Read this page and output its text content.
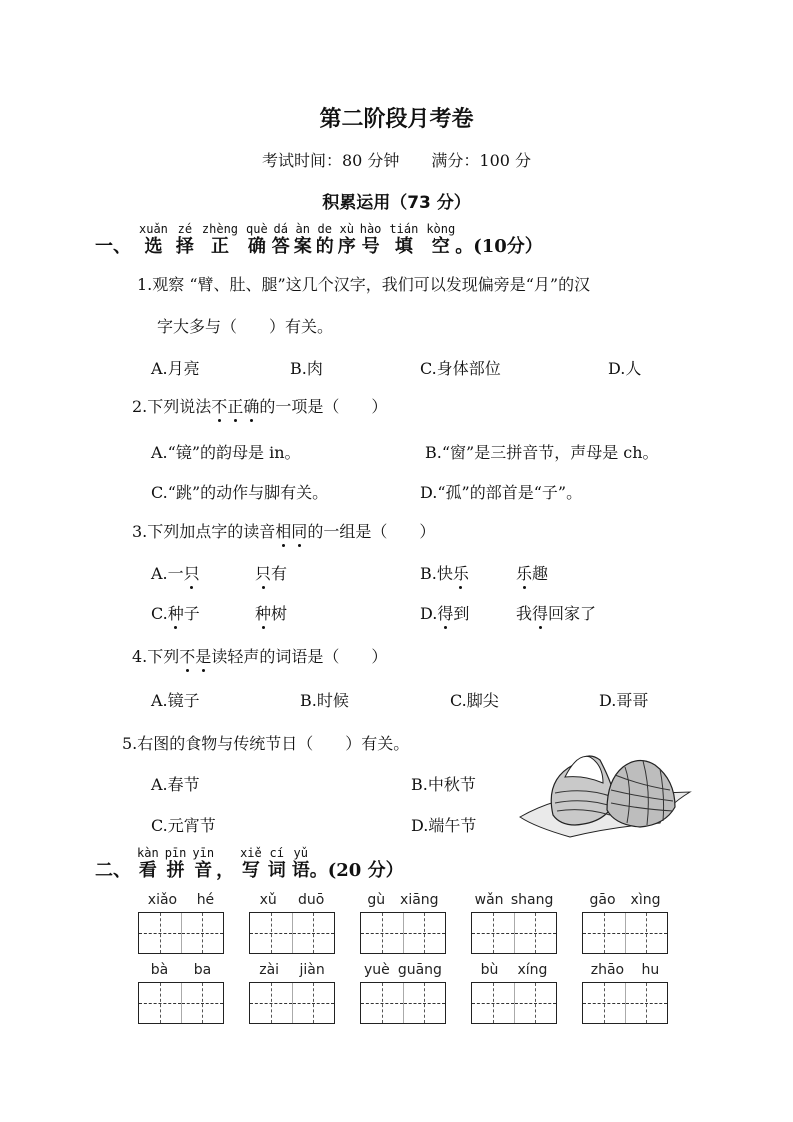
第二阶段月考卷
考试时间：80 分钟　　满分：100 分
积累运用（73 分）
一、
xuǎn
选
zé
择
zhèng
正
què
确
dá
答
àn
案
de
的
xù
序
hào
号
tián
填
kòng
空 。(10分）
1.观察 “臂、肚、腿”这几个汉字，我们可以发现偏旁是“月”的汉
字大多与（　　）有关。
A.月亮	B.肉	C.身体部位	D.人
2.下列说法不正确的一项是（　　）
A.“镜”的韵母是 in。	B.“窗”是三拼音节，声母是 ch。
C.“跳”的动作与脚有关。	D.“孤”的部首是“子”。
3.下列加点字的读音相同的一组是（　　）
A.一只	只有	B.快乐	乐趣
C.种子	种树	D.得到	我得回家了
4.下列不是读轻声的词语是（　　）
A.镜子	B.时候	C.脚尖	D.哥哥
5.右图的食物与传统节日（　　）有关。
A.春节	B.中秋节
C.元宵节	D.端午节
二、
kàn
看
pīn
拼
yīn
音 ，
xiě
写
cí
词
yǔ
语 。(20 分）
xiǎo hé	xǔ duō	gù xiāng	wǎn shang	gāo xìng
bà ba	zài jiàn	yuè guāng	bù xíng	zhāo hu
